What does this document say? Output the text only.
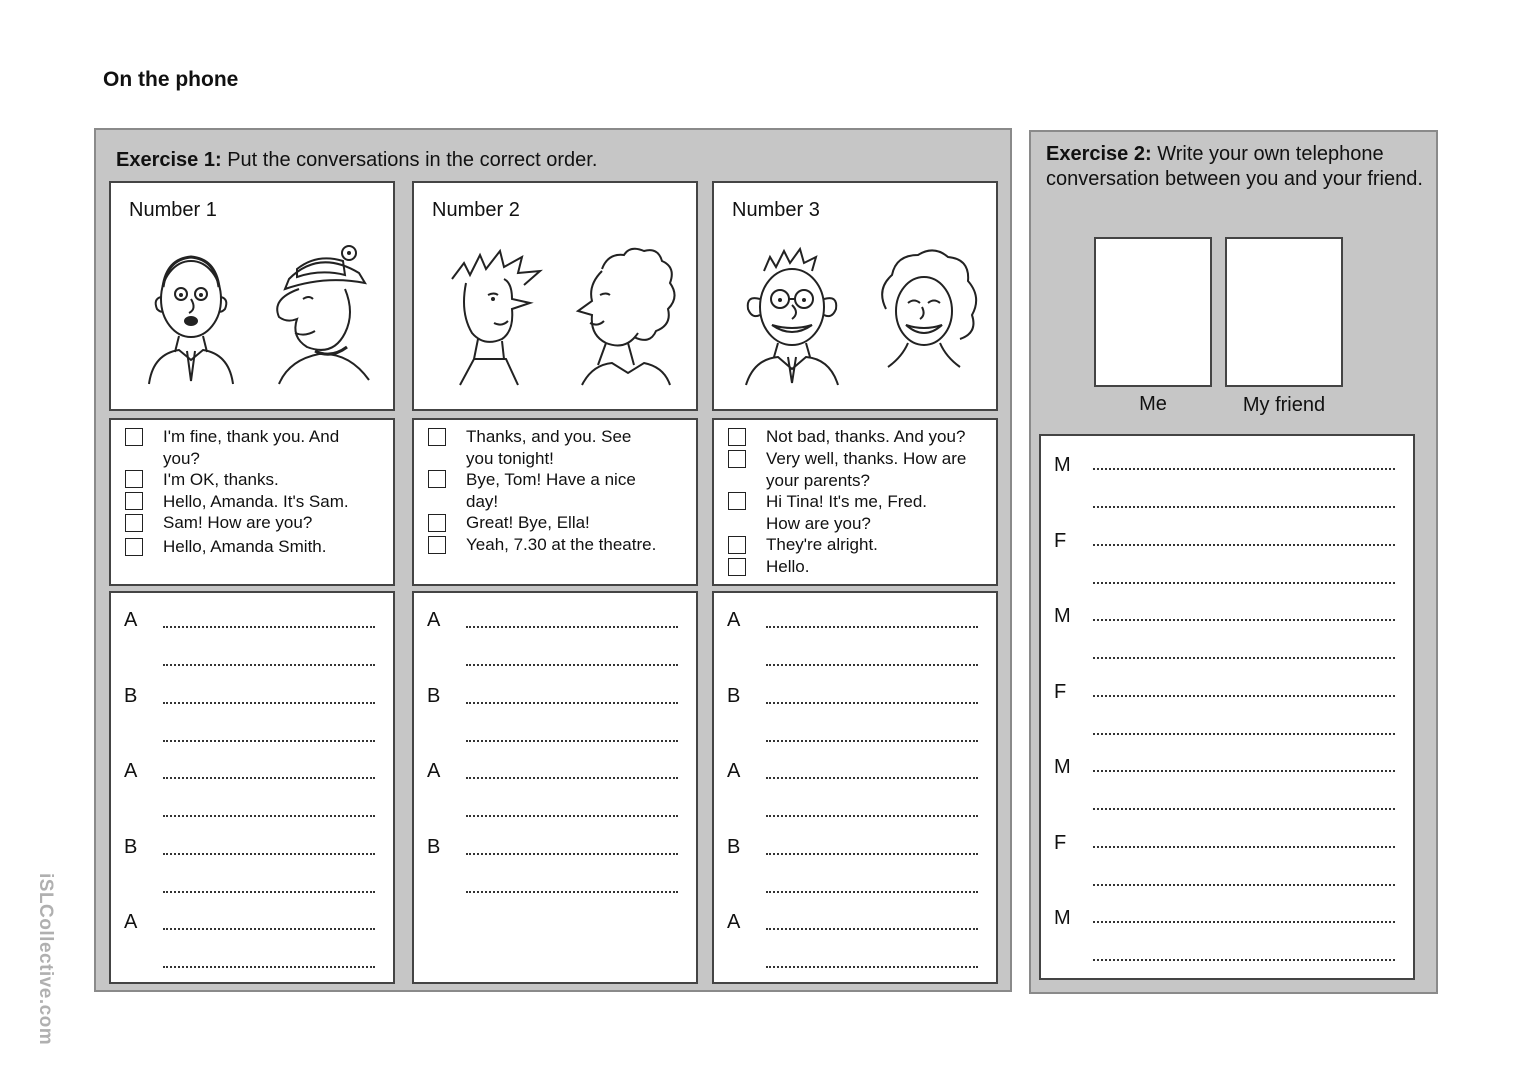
On the phone
iSLCollective.com
Exercise 1: Put the conversations in the correct order.
Number 1	Number 2	Number 3
I'm fine, thank you. And
you?
I'm OK, thanks.
Hello, Amanda. It's Sam.
Sam! How are you?
Hello, Amanda Smith.
Thanks, and you. See
you tonight!
Bye, Tom! Have a nice
day!
Great! Bye, Ella!
Yeah, 7.30 at the theatre.
Not bad, thanks. And you?
Very well, thanks. How are
your parents?
Hi Tina! It's me, Fred.
How are you?
They're alright.
Hello.
A
B
A
B
A
A
B
A
B
A
B
A
B
A
Exercise 2: Write your own telephone conversation between you and your friend.
Me	My friend
M
F
M
F
M
F
M
